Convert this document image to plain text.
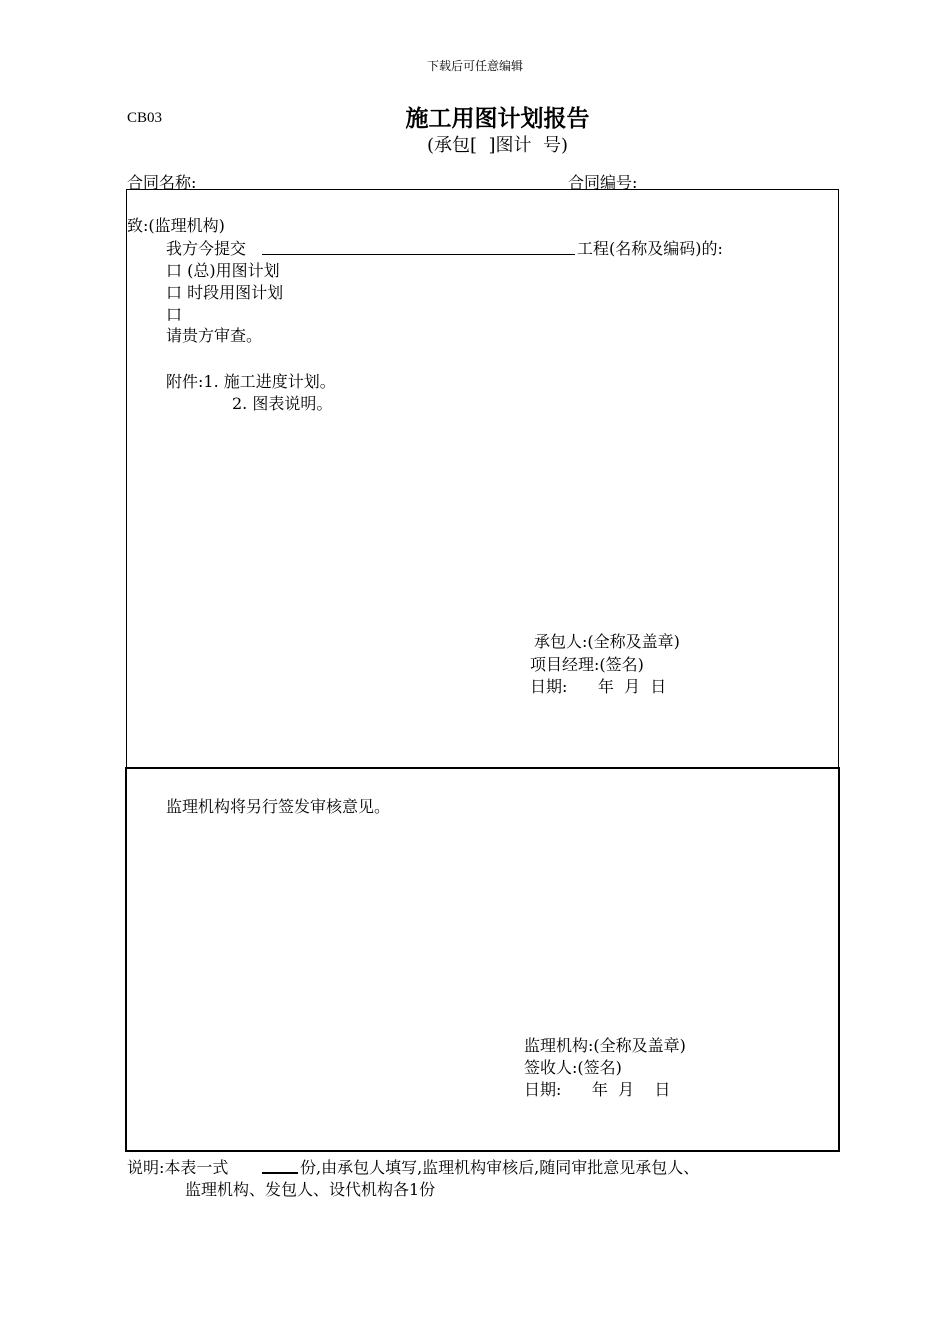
下载后可任意编辑
CB03	施工用图计划报告
(承包[  ]图计  号)
合同名称:	合同编号:
致:(监理机构)
我方今提交	工程(名称及编码)的:
口 (总)用图计划
口 时段用图计划
口
请贵方审查。
附件:1. 施工进度计划。
2. 图表说明。
承包人:(全称及盖章)
项目经理:(签名)
日期:      年  月  日
监理机构将另行签发审核意见。
监理机构:(全称及盖章)
签收人:(签名)
日期:      年  月    日
说明:本表一式	份,由承包人填写,监理机构审核后,随同审批意见承包人、
监理机构、发包人、设代机构各1份
